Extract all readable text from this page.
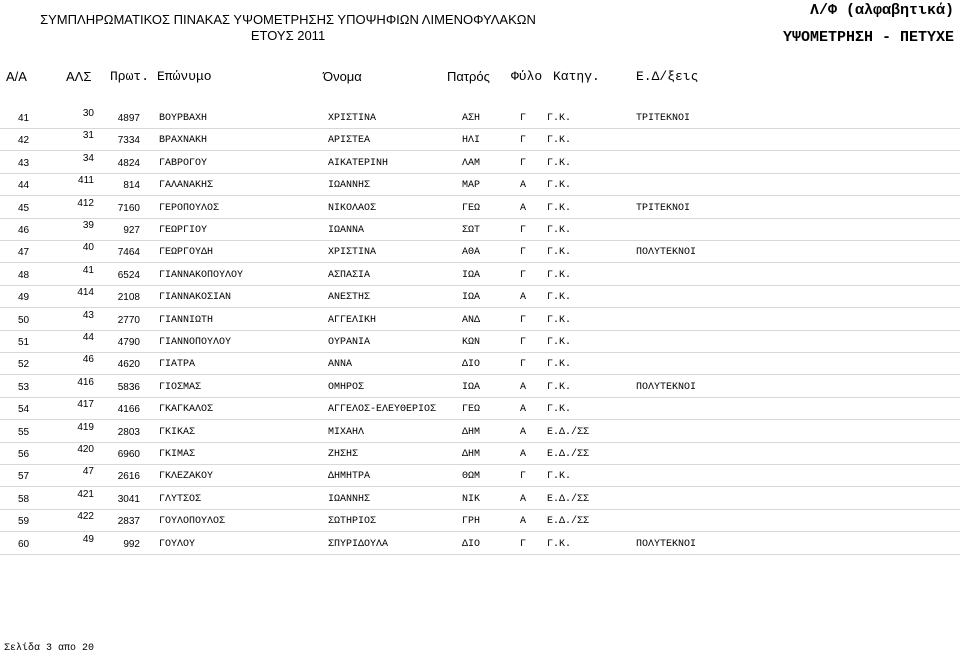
ΣΥΜΠΛΗΡΩΜΑΤΙΚΟΣ ΠΙΝΑΚΑΣ ΥΨΟΜΕΤΡΗΣΗΣ ΥΠΟΨΗΦΙΩΝ ΛΙΜΕΝΟΦΥΛΑΚΩΝ
ΕΤΟΥΣ 2011
Λ/Φ (αλφαβητικά)
ΥΨΟΜΕΤΡΗΣΗ - ΠΕΤΥΧΕ
Α/Α	ΑΛΣ Πρωτ. Επώνυμο	Όνομα	Πατρός Φύλο Κατηγ.	Ε.Δ/ξεις
41	30	4897 ΒΟΥΡΒΑΧΗ	ΧΡΙΣΤΙΝΑ	ΑΣΗ	Γ Γ.Κ.	ΤΡΙΤΕΚΝΟΙ
42	31	7334 ΒΡΑΧΝΑΚΗ	ΑΡΙΣΤΕΑ	ΗΛΙ	Γ Γ.Κ.
43	34	4824 ΓΑΒΡΟΓΟΥ	ΑΙΚΑΤΕΡΙΝΗ	ΛΑΜ	Γ Γ.Κ.
44	411	814 ΓΑΛΑΝΑΚΗΣ	ΙΩΑΝΝΗΣ	ΜΑΡ	Α Γ.Κ.
45	412	7160 ΓΕΡΟΠΟΥΛΟΣ	ΝΙΚΟΛΑΟΣ	ΓΕΩ	Α Γ.Κ.	ΤΡΙΤΕΚΝΟΙ
46	39	927 ΓΕΩΡΓΙΟΥ	ΙΩΑΝΝΑ	ΣΩΤ	Γ Γ.Κ.
47	40	7464 ΓΕΩΡΓΟΥΔΗ	ΧΡΙΣΤΙΝΑ	ΑΘΑ	Γ Γ.Κ.	ΠΟΛΥΤΕΚΝΟΙ
48	41	6524 ΓΙΑΝΝΑΚΟΠΟΥΛΟΥ	ΑΣΠΑΣΙΑ	ΙΩΑ	Γ Γ.Κ.
49	414	2108 ΓΙΑΝΝΑΚΟΣΙΑΝ	ΑΝΕΣΤΗΣ	ΙΩΑ	Α Γ.Κ.
50	43	2770 ΓΙΑΝΝΙΩΤΗ	ΑΓΓΕΛΙΚΗ	ΑΝΔ	Γ Γ.Κ.
51	44	4790 ΓΙΑΝΝΟΠΟΥΛΟΥ	ΟΥΡΑΝΙΑ	ΚΩΝ	Γ Γ.Κ.
52	46	4620 ΓΙΑΤΡΑ	ΑΝΝΑ	ΔΙΟ	Γ Γ.Κ.
53	416	5836 ΓΙΟΣΜΑΣ	ΟΜΗΡΟΣ	ΙΩΑ	Α Γ.Κ.	ΠΟΛΥΤΕΚΝΟΙ
54	417	4166 ΓΚΑΓΚΑΛΟΣ	ΑΓΓΕΛΟΣ-ΕΛΕΥΘΕΡΙΟΣ	ΓΕΩ	Α Γ.Κ.
55	419	2803 ΓΚΙΚΑΣ	ΜΙΧΑΗΛ	ΔΗΜ	Α Ε.Δ./ΣΣ
56	420	6960 ΓΚΙΜΑΣ	ΖΗΣΗΣ	ΔΗΜ	Α Ε.Δ./ΣΣ
57	47	2616 ΓΚΛΕΖΑΚΟΥ	ΔΗΜΗΤΡΑ	ΘΩΜ	Γ Γ.Κ.
58	421	3041 ΓΛΥΤΣΟΣ	ΙΩΑΝΝΗΣ	ΝΙΚ	Α Ε.Δ./ΣΣ
59	422	2837 ΓΟΥΛΟΠΟΥΛΟΣ	ΣΩΤΗΡΙΟΣ	ΓΡΗ	Α Ε.Δ./ΣΣ
60	49	992 ΓΟΥΛΟΥ	ΣΠΥΡΙΔΟΥΛΑ	ΔΙΟ	Γ Γ.Κ.	ΠΟΛΥΤΕΚΝΟΙ
Σελίδα 3 απο 20
